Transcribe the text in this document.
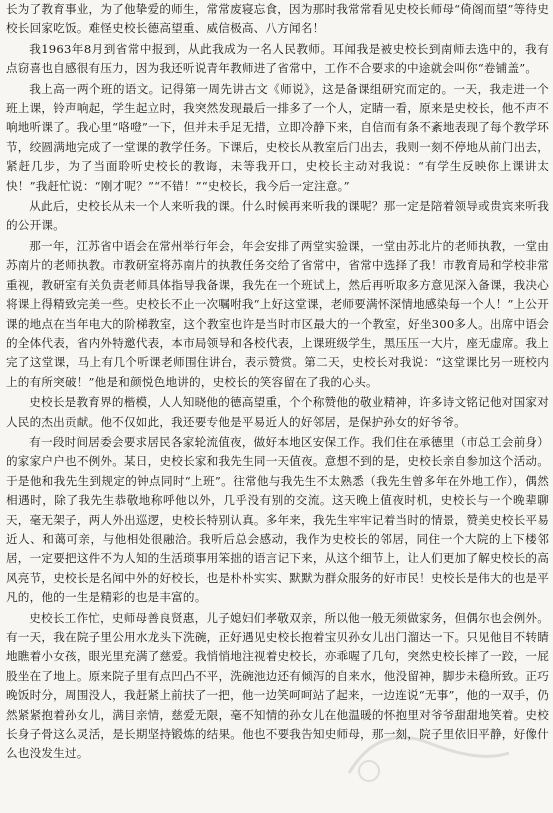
长为了教育事业，为了他挚爱的师生，常常废寝忘食，因为那时我常常看见史校长师母“倚阁而望”等待史校长回家吃饭。难怪史校长德高望重、威信极高、八方闻名！

我1963年8月到省常中报到，从此我成为一名人民教师。耳闻我是被史校长到南师去选中的，我有点窃喜也自感很有压力，因为我还听说青年教师进了省常中，工作不合要求的中途就会叫你“卷铺盖”。

我上高一两个班的语文。记得第一周先讲古文《师说》，这是备课组研究而定的。一天，我走进一个班上课，铃声响起，学生起立时，我突然发现最后一排多了一个人，定睛一看，原来是史校长，他不声不响地听课了。我心里“咯噔”一下，但并未手足无措，立即冷静下来，自信而有条不紊地表现了每个教学环节，绞圆满地完成了一堂课的教学任务。下课后，史校长从教室后门出去，我则一刻不停地从前门出去，紧赶几步，为了当面聆听史校长的教诲，未等我开口，史校长主动对我说：“有学生反映你上课讲太快！”我赶忙说：“刚才呢？”“不错！”“史校长，我今后一定注意。”

从此后，史校长从未一个人来听我的课。什么时候再来听我的课呢？那一定是陪着领导或贵宾来听我的公开课。

那一年，江苏省中语会在常州举行年会，年会安排了两堂实验课，一堂由苏北片的老师执教，一堂由苏南片的老师执教。市教研室将苏南片的执教任务交给了省常中，省常中选择了我！市教育局和学校非常重视，教研室有关负责老师具体指导我备课，我先在一个班试上，然后再听取多方意见深入备课，我决心将课上得精致完美一些。史校长不止一次嘱咐我“上好这堂课，老师要满怀深情地感染每一个人！”上公开课的地点在当年电大的阶梯教室，这个教室也许是当时市区最大的一个教室，好坐300多人。出席中语会的全体代表，省内外特邀代表，本市局领导和各校代表，上课班级学生，黑压压一大片，座无虚席。我上完了这堂课，马上有几个听课老师围住讲台，表示赞赏。第二天，史校长对我说：“这堂课比另一班校内上的有所突破！”他是和颜悦色地讲的，史校长的笑容留在了我的心头。

史校长是教育界的楷模，人人知晓他的德高望重，个个称赞他的敬业精神，许多诗文铭记他对国家对人民的杰出贡献。他不仅如此，我还要专他是平易近人的好邻居，是保护孙女的好爷爷。

有一段时间居委会要求居民各家轮流值夜，做好本地区安保工作。我们住在承德里（市总工会前身）的家家户户也不例外。某日，史校长家和我先生同一天值夜。意想不到的是，史校长亲自参加这个活动。于是他和我先生到规定的钟点同时“上班”。往常他与我先生不太熟悉（我先生曾多年在外地工作），偶然相遇时，除了我先生恭敬地称呼他以外，几乎没有别的交流。这天晚上值夜时机，史校长与一个晚辈聊天，毫无架子，两人外出巡逻，史校长特别认真。多年来，我先生牢牢记着当时的情景，赞美史校长平易近人、和蔼可亲，与他相处很融洽。我听后总会感动，我作为史校长的邻居，同住一个大院的上下楼邻居，一定要把这件不为人知的生活琐事用笨拙的语言记下来，从这个细节上，让人们更加了解史校长的高风亮节，史校长是名闻中外的好校长，也是朴朴实实、默默为群众服务的好市民！史校长是伟大的也是平凡的，他的一生是精彩的也是丰富的。

史校长工作忙，史师母善良贤惠，儿子媳妇们孝敬双亲，所以他一般无须做家务，但偶尔也会例外。有一天，我在院子里公用水龙头下洗碗，正好遇见史校长抱着宝贝孙女儿出门溜达一下。只见他目不转睛地瞧着小女孩，眼光里充满了慈爱。我悄悄地注视着史校长，亦乖喔了几句，突然史校长摔了一跤，一屁股坐在了地上。原来院子里有点凹凸不平，洗碗池边还有倾泻的自来水，他没留神，脚步未稳所致。正巧晚饭时分，周围没人，我赶紧上前扶了一把，他一边笑呵呵站了起来，一边连说“无事”，他的一双手，仍然紧紧抱着孙女儿，满目亲情，慈爱无限，毫不知情的孙女儿在他温暖的怀抱里对爷爷甜甜地笑着。史校长身子骨这么灵活，是长期坚持锻炼的结果。他也不要我告知史师母，那一刻，院子里依旧平静，好像什么也没发生过。
